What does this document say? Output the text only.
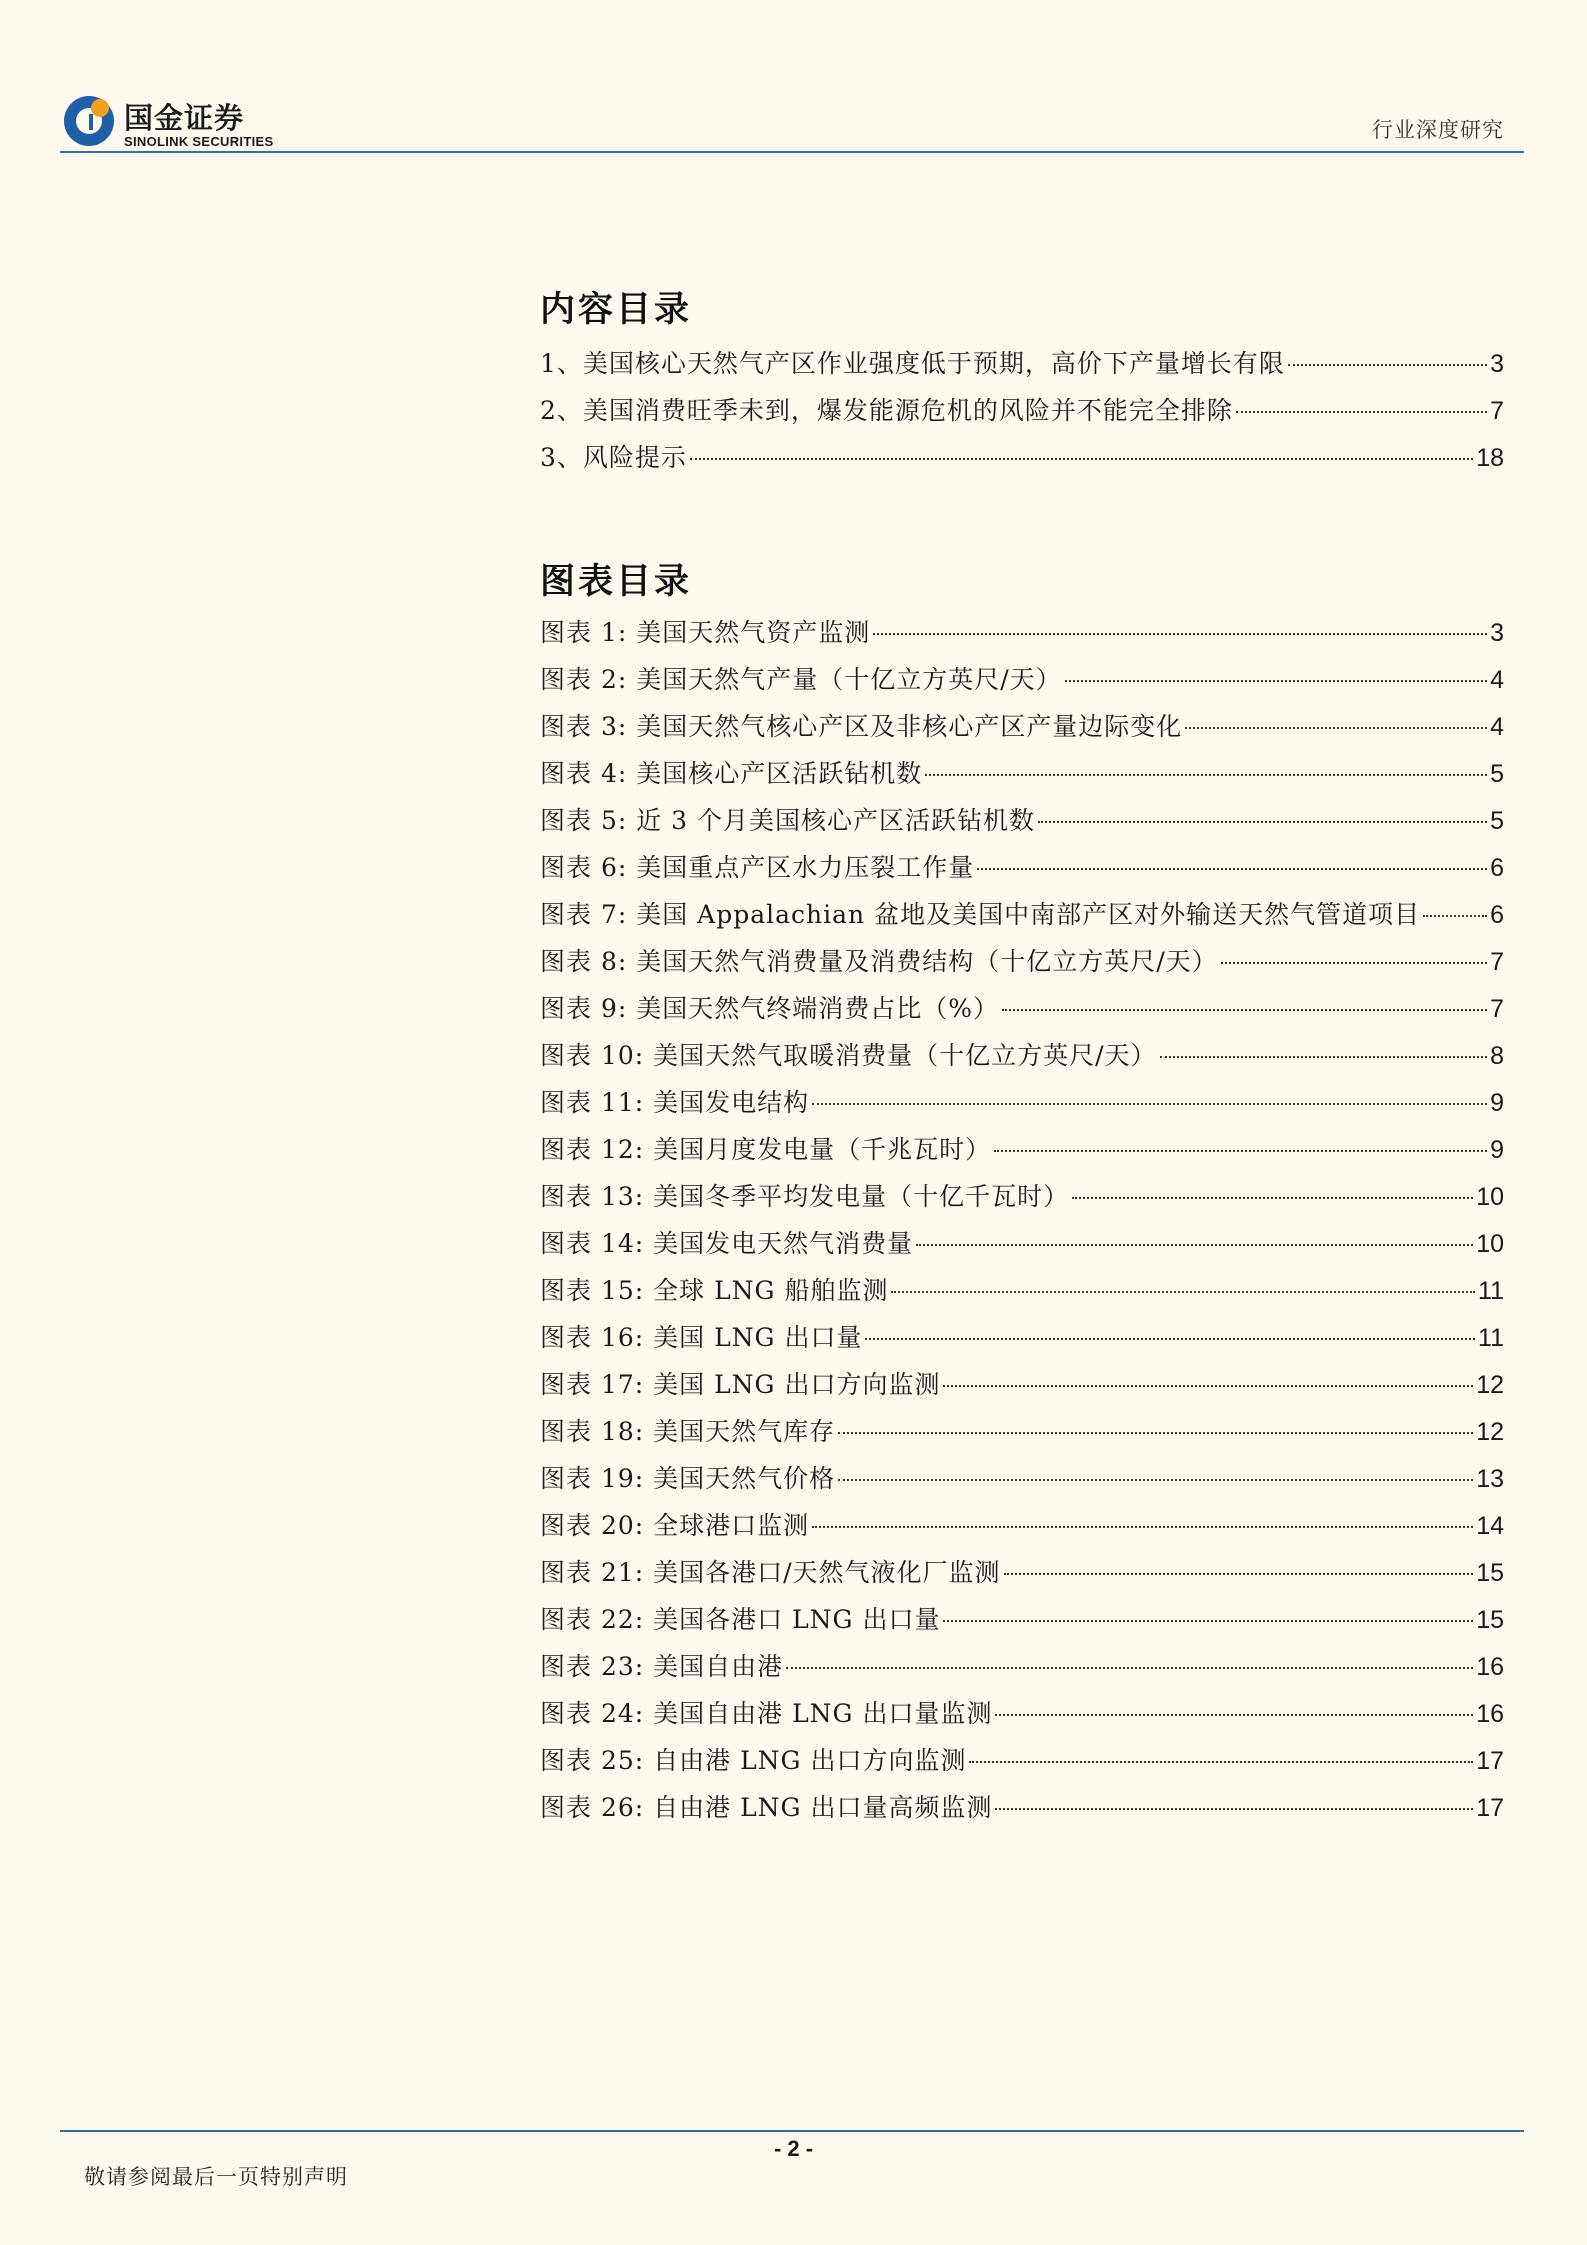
国金证券
SINOLINK SECURITIES	行业深度研究
内容目录
1、美国核心天然气产区作业强度低于预期，高价下产量增长有限	3
2、美国消费旺季未到，爆发能源危机的风险并不能完全排除	7
3、风险提示	18
图表目录
图表 1: 美国天然气资产监测	3
图表 2: 美国天然气产量（十亿立方英尺/天）	4
图表 3: 美国天然气核心产区及非核心产区产量边际变化	4
图表 4: 美国核心产区活跃钻机数	5
图表 5: 近 3 个月美国核心产区活跃钻机数	5
图表 6: 美国重点产区水力压裂工作量	6
图表 7: 美国 Appalachian 盆地及美国中南部产区对外输送天然气管道项目	6
图表 8: 美国天然气消费量及消费结构（十亿立方英尺/天）	7
图表 9: 美国天然气终端消费占比（%）	7
图表 10: 美国天然气取暖消费量（十亿立方英尺/天）	8
图表 11: 美国发电结构	9
图表 12: 美国月度发电量（千兆瓦时）	9
图表 13: 美国冬季平均发电量（十亿千瓦时）	10
图表 14: 美国发电天然气消费量	10
图表 15: 全球 LNG 船舶监测	11
图表 16: 美国 LNG 出口量	11
图表 17: 美国 LNG 出口方向监测	12
图表 18: 美国天然气库存	12
图表 19: 美国天然气价格	13
图表 20: 全球港口监测	14
图表 21: 美国各港口/天然气液化厂监测	15
图表 22: 美国各港口 LNG 出口量	15
图表 23: 美国自由港	16
图表 24: 美国自由港 LNG 出口量监测	16
图表 25: 自由港 LNG 出口方向监测	17
图表 26: 自由港 LNG 出口量高频监测	17
- 2 -
敬请参阅最后一页特别声明
